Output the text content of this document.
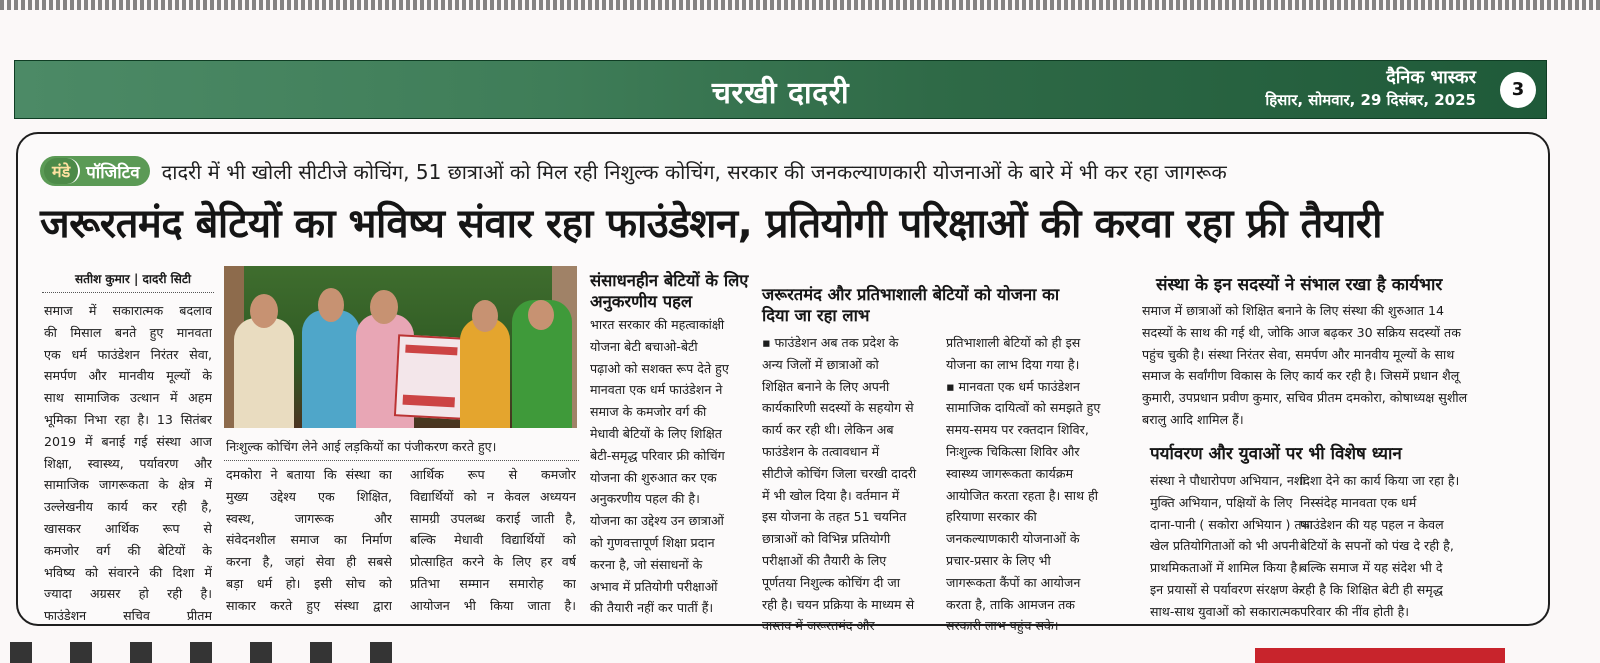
चरखी दादरी	दैनिक भास्कर
हिसार, सोमवार, 29 दिसंबर, 2025	3
मंडे पॉजिटिव दादरी में भी खोली सीटीजे कोचिंग, 51 छात्राओं को मिल रही निशुल्क कोचिंग, सरकार की जनकल्याणकारी योजनाओं के बारे में भी कर रहा जागरूक
जरूरतमंद बेटियों का भविष्य संवार रहा फाउंडेशन, प्रतियोगी परिक्षाओं की करवा रहा फ्री तैयारी
सतीश कुमार | दादरी सिटी
समाज में सकारात्मक बदलाव
की मिसाल बनते हुए मानवता
एक धर्म फाउंडेशन निरंतर सेवा,
समर्पण और मानवीय मूल्यों के
साथ सामाजिक उत्थान में अहम
भूमिका निभा रहा है। 13 सितंबर
2019 में बनाई गई संस्था आज
शिक्षा, स्वास्थ्य, पर्यावरण और
सामाजिक जागरूकता के क्षेत्र में
उल्लेखनीय कार्य कर रही है,
खासकर आर्थिक रूप से
कमजोर वर्ग की बेटियों के
भविष्य को संवारने की दिशा में
ज्यादा अग्रसर हो रही है।
फाउंडेशन सचिव प्रीतम
निःशुल्क कोचिंग लेने आई लड़कियों का पंजीकरण करते हुए।
दमकोरा ने बताया कि संस्था का
मुख्य उद्देश्य एक शिक्षित,
स्वस्थ, जागरूक और
संवेदनशील समाज का निर्माण
करना है, जहां सेवा ही सबसे
बड़ा धर्म हो। इसी सोच को
साकार करते हुए संस्था द्वारा
आर्थिक रूप से कमजोर
विद्यार्थियों को न केवल अध्ययन
सामग्री उपलब्ध कराई जाती है,
बल्कि मेधावी विद्यार्थियों को
प्रोत्साहित करने के लिए हर वर्ष
प्रतिभा सम्मान समारोह का
आयोजन भी किया जाता है।
संसाधनहीन बेटियों के लिए अनुकरणीय पहल
भारत सरकार की महत्वाकांक्षी
योजना बेटी बचाओ-बेटी
पढ़ाओ को सशक्त रूप देते हुए
मानवता एक धर्म फाउंडेशन ने
समाज के कमजोर वर्ग की
मेधावी बेटियों के लिए शिक्षित
बेटी-समृद्ध परिवार फ्री कोचिंग
योजना की शुरुआत कर एक
अनुकरणीय पहल की है।
योजना का उद्देश्य उन छात्राओं
को गुणवत्तापूर्ण शिक्षा प्रदान
करना है, जो संसाधनों के
अभाव में प्रतियोगी परीक्षाओं
की तैयारी नहीं कर पातीं हैं।
जरूरतमंद और प्रतिभाशाली बेटियों को योजना का दिया जा रहा लाभ
▪ फाउंडेशन अब तक प्रदेश के
अन्य जिलों में छात्राओं को
शिक्षित बनाने के लिए अपनी
कार्यकारिणी सदस्यों के सहयोग से
कार्य कर रही थी। लेकिन अब
फाउंडेशन के तत्वावधान में
सीटीजे कोचिंग जिला चरखी दादरी
में भी खोल दिया है। वर्तमान में
इस योजना के तहत 51 चयनित
छात्राओं को विभिन्न प्रतियोगी
परीक्षाओं की तैयारी के लिए
पूर्णतया निशुल्क कोचिंग दी जा
रही है। चयन प्रक्रिया के माध्यम से
वास्तव में जरूरतमंद और
प्रतिभाशाली बेटियों को ही इस
योजना का लाभ दिया गया है।
▪ मानवता एक धर्म फाउंडेशन
सामाजिक दायित्वों को समझते हुए
समय-समय पर रक्तदान शिविर,
निःशुल्क चिकित्सा शिविर और
स्वास्थ्य जागरूकता कार्यक्रम
आयोजित करता रहता है। साथ ही
हरियाणा सरकार की
जनकल्याणकारी योजनाओं के
प्रचार-प्रसार के लिए भी
जागरूकता कैंपों का आयोजन
करता है, ताकि आमजन तक
सरकारी लाभ पहुंच सके।
संस्था के इन सदस्यों ने संभाल रखा है कार्यभार
समाज में छात्राओं को शिक्षित बनाने के लिए संस्था की शुरुआत 14
सदस्यों के साथ की गई थी, जोकि आज बढ़कर 30 सक्रिय सदस्यों तक
पहुंच चुकी है। संस्था निरंतर सेवा, समर्पण और मानवीय मूल्यों के साथ
समाज के सर्वांगीण विकास के लिए कार्य कर रही है। जिसमें प्रधान शैलू
कुमारी, उपप्रधान प्रवीण कुमार, सचिव प्रीतम दमकोरा, कोषाध्यक्ष सुशील
बरालु आदि शामिल हैं।
पर्यावरण और युवाओं पर भी विशेष ध्यान
संस्था ने पौधारोपण अभियान, नशा
मुक्ति अभियान, पक्षियों के लिए
दाना-पानी ( सकोरा अभियान ) तथा
खेल प्रतियोगिताओं को भी अपनी
प्राथमिकताओं में शामिल किया है।
इन प्रयासों से पर्यावरण संरक्षण के
साथ-साथ युवाओं को सकारात्मक
दिशा देने का कार्य किया जा रहा है।
निस्संदेह मानवता एक धर्म
फाउंडेशन की यह पहल न केवल
बेटियों के सपनों को पंख दे रही है,
बल्कि समाज में यह संदेश भी दे
रही है कि शिक्षित बेटी ही समृद्ध
परिवार की नींव होती है।
